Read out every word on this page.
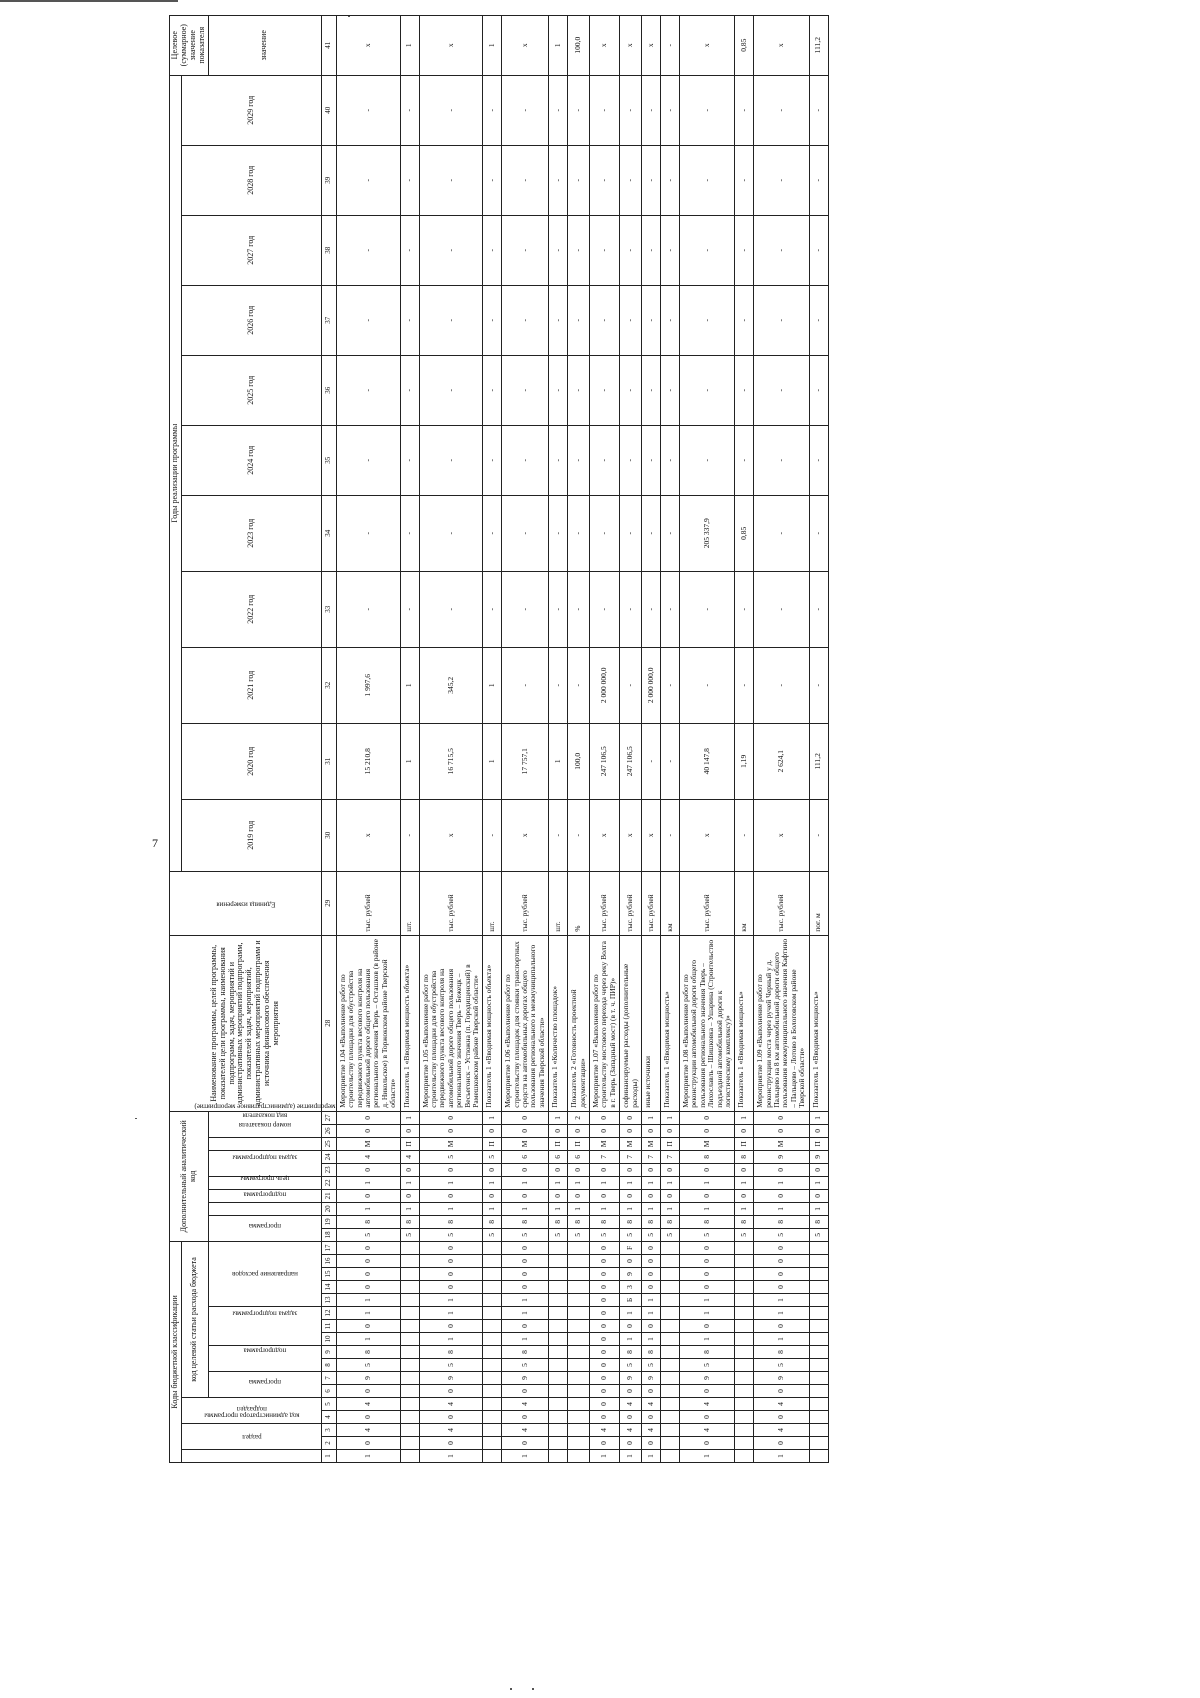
7
Коды бюджетной классификации																	Дополнительный аналитический код										Наименование программы, целей программы, показателей цели программы, наименования подпрограмм, задач, мероприятий и административных мероприятий подпрограмм, показателей задач, мероприятий, административных мероприятий подпрограмм и источника финансового обеспечения мероприятия	Единица измерения	Годы реализации программы											Целевое (суммарное) значение показателя
код администратора программы	раздел		подраздел		код целевой статьи расхода бюджета																								2019 год	2020 год	2021 год	2022 год	2023 год	2024 год	2025 год	2026 год	2027 год	2028 год	2029 год	
					программа		подпрограмма		задача подпрограммы			направление расходов					программа		подпрограмма	цель программы	задача подпрограммы	мероприятие (административное мероприятие)		номер показателя	вид показателя															значение

1	2	3	4	5	6	7	8	9	10	11	12	13	14	15	16	17	18	19	20	21	22	23	24	25	26	27	28	29	30	31	32	33	34	35	36	37	38	39	40	41
1	0	4	0	4	0	9	5	8	1	0	1	1	0	0	0	0	5	8	1	0	1	0	4	М	0	0	Мероприятие 1.04 «Выполнение работ по строительству площадки для обустройства передвижного пункта весового контроля на автомобильной дороге общего пользования регионального значения Тверь – Осташков (в районе д. Никольское) в Торжокском районе Тверской области»	тыс. рублей	х	15 210,8	1 997,6	-	-	-	-	-	-	-	-	х
																	5	8	1	0	1	0	4	П	0	1	Показатель 1 «Вводимая мощность объекта»	шт.	-	1	1	-	-	-	-	-	-	-	-	1
1	0	4	0	4	0	9	5	8	1	0	1	1	0	0	0	0	5	8	1	0	1	0	5	М	0	0	Мероприятие 1.05 «Выполнение работ по строительству площадки для обустройства передвижного пункта весового контроля на автомобильной дороге общего пользования регионального значения Тверь – Бежецк – Весьегонск – Устюжна (п. Городищенский) в Рамешковском районе Тверской области»	тыс. рублей	х	16 715,5	345,2	-	-	-	-	-	-	-	-	х
																	5	8	1	0	1	0	5	П	0	1	Показатель 1 «Вводимая мощность объекта»	шт.	-	1	1	-	-	-	-	-	-	-	-	1
1	0	4	0	4	0	9	5	8	1	0	1	1	0	0	0	0	5	8	1	0	1	0	6	М	0	0	Мероприятие 1.06 «Выполнение работ по строительству площадок для стоянки транспортных средств на автомобильных дорогах общего пользования регионального и межмуниципального значения Тверской области»	тыс. рублей	х	17 757,1	-	-	-	-	-	-	-	-	-	х
																	5	8	1	0	1	0	6	П	0	1	Показатель 1 «Количество площадок»	шт.	-	1	-	-	-	-	-	-	-	-	-	1
																	5	8	1	0	1	0	6	П	0	2	Показатель 2 «Готовность проектной документации»	%	-	100,0	-	-	-	-	-	-	-	-	-	100,0
1	0	4	0	0	0	0	0	0	0	0	0	0	0	0	0	0	5	8	1	0	1	0	7	М	0	0	Мероприятие 1.07 «Выполнение работ по строительству мостового перехода через реку Волга в г. Тверь (Западный мост) (в т. ч. ПИР)»	тыс. рублей	х	247 106,5	2 000 000,0	-	-	-	-	-	-	-	-	х
1	0	4	0	4	0	9	5	8	1	0	1	Б	3	9	0	F	5	8	1	0	1	0	7	М	0	0	софинансируемые расходы (дополнительные расходы)	тыс. рублей	х	247 106,5	-	-	-	-	-	-	-	-	-	х
1	0	4	0	4	0	9	5	8	1	0	1	1	0	0	0	0	5	8	1	0	1	0	7	М	0	1	иные источники	тыс. рублей	х	-	2 000 000,0	-	-	-	-	-	-	-	-	х
																	5	8	1	0	1	0	7	П	0	1	Показатель 1 «Вводимая мощность»	км	-	-	-	-	-	-	-	-	-	-	-	-
1	0	4	0	4	0	9	5	8	1	0	1	1	0	0	0	0	5	8	1	0	1	0	8	М	0	0	Мероприятие 1.08 «Выполнение работ по реконструкции автомобильной дороги общего пользования регионального значения Тверь – Лихославль – Шишковка – Ушарина (Строительство подъездной автомобильной дороги к логистическому комплексу)»	тыс. рублей	х	40 147,8	-	-	205 337,9	-	-	-	-	-	-	х
																	5	8	1	0	1	0	8	П	0	1	Показатель 1 «Вводимая мощность»	км	-	1,19	-	-	0,85	-	-	-	-	-	-	0,85
1	0	4	0	4	0	9	5	8	1	0	1	1	0	0	0	0	5	8	1	0	1	0	9	М	0	0	Мероприятие 1.09 «Выполнение работ по реконструкции моста через ручей Черный у д. Пальцево на 8 км автомобильной дороги общего пользования межмуниципального значения Кафтино – Пальцево – Лотово в Бологовском районе Тверской области»	тыс. рублей	х	2 624,1	-	-	-	-	-	-	-	-	-	х
																	5	8	1	0	1	0	9	П	0	1	Показатель 1 «Вводимая мощность»	пог. м	-	111,2	-	-	-	-	-	-	-	-	-	111,2
